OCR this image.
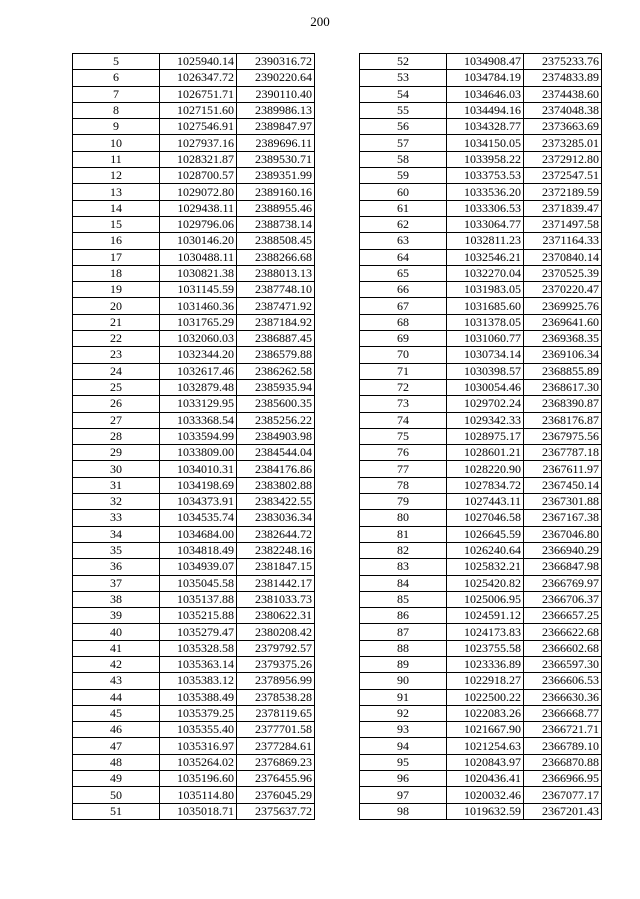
200
5	1025940.14	2390316.72
6	1026347.72	2390220.64
7	1026751.71	2390110.40
8	1027151.60	2389986.13
9	1027546.91	2389847.97
10	1027937.16	2389696.11
11	1028321.87	2389530.71
12	1028700.57	2389351.99
13	1029072.80	2389160.16
14	1029438.11	2388955.46
15	1029796.06	2388738.14
16	1030146.20	2388508.45
17	1030488.11	2388266.68
18	1030821.38	2388013.13
19	1031145.59	2387748.10
20	1031460.36	2387471.92
21	1031765.29	2387184.92
22	1032060.03	2386887.45
23	1032344.20	2386579.88
24	1032617.46	2386262.58
25	1032879.48	2385935.94
26	1033129.95	2385600.35
27	1033368.54	2385256.22
28	1033594.99	2384903.98
29	1033809.00	2384544.04
30	1034010.31	2384176.86
31	1034198.69	2383802.88
32	1034373.91	2383422.55
33	1034535.74	2383036.34
34	1034684.00	2382644.72
35	1034818.49	2382248.16
36	1034939.07	2381847.15
37	1035045.58	2381442.17
38	1035137.88	2381033.73
39	1035215.88	2380622.31
40	1035279.47	2380208.42
41	1035328.58	2379792.57
42	1035363.14	2379375.26
43	1035383.12	2378956.99
44	1035388.49	2378538.28
45	1035379.25	2378119.65
46	1035355.40	2377701.58
47	1035316.97	2377284.61
48	1035264.02	2376869.23
49	1035196.60	2376455.96
50	1035114.80	2376045.29
51	1035018.71	2375637.72
52	1034908.47	2375233.76
53	1034784.19	2374833.89
54	1034646.03	2374438.60
55	1034494.16	2374048.38
56	1034328.77	2373663.69
57	1034150.05	2373285.01
58	1033958.22	2372912.80
59	1033753.53	2372547.51
60	1033536.20	2372189.59
61	1033306.53	2371839.47
62	1033064.77	2371497.58
63	1032811.23	2371164.33
64	1032546.21	2370840.14
65	1032270.04	2370525.39
66	1031983.05	2370220.47
67	1031685.60	2369925.76
68	1031378.05	2369641.60
69	1031060.77	2369368.35
70	1030734.14	2369106.34
71	1030398.57	2368855.89
72	1030054.46	2368617.30
73	1029702.24	2368390.87
74	1029342.33	2368176.87
75	1028975.17	2367975.56
76	1028601.21	2367787.18
77	1028220.90	2367611.97
78	1027834.72	2367450.14
79	1027443.11	2367301.88
80	1027046.58	2367167.38
81	1026645.59	2367046.80
82	1026240.64	2366940.29
83	1025832.21	2366847.98
84	1025420.82	2366769.97
85	1025006.95	2366706.37
86	1024591.12	2366657.25
87	1024173.83	2366622.68
88	1023755.58	2366602.68
89	1023336.89	2366597.30
90	1022918.27	2366606.53
91	1022500.22	2366630.36
92	1022083.26	2366668.77
93	1021667.90	2366721.71
94	1021254.63	2366789.10
95	1020843.97	2366870.88
96	1020436.41	2366966.95
97	1020032.46	2367077.17
98	1019632.59	2367201.43
